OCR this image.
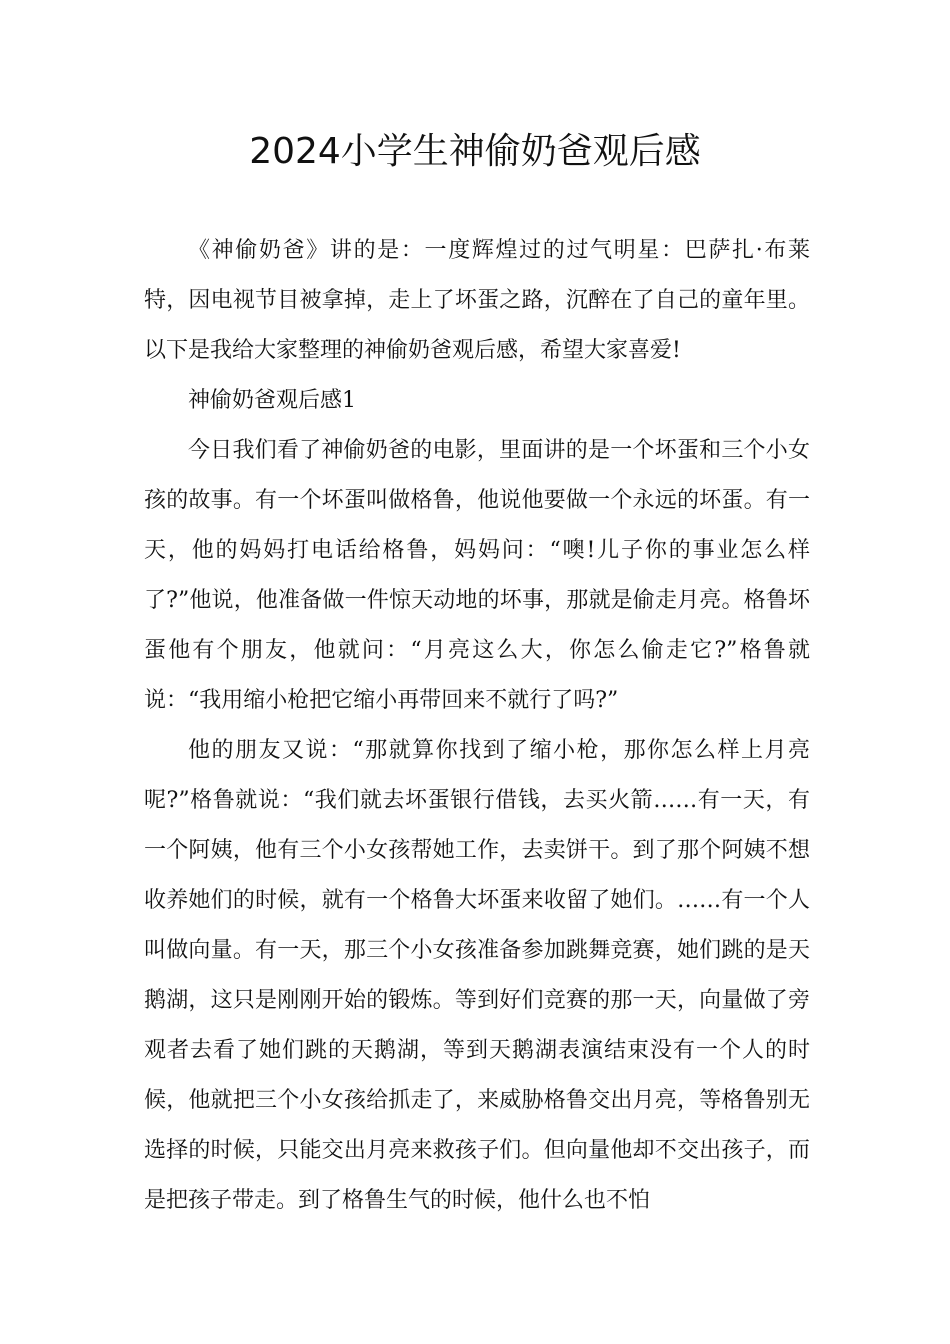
2024小学生神偷奶爸观后感

《神偷奶爸》讲的是：一度辉煌过的过气明星：巴萨扎·布莱特，因电视节目被拿掉，走上了坏蛋之路，沉醉在了自己的童年里。以下是我给大家整理的神偷奶爸观后感，希望大家喜爱!

神偷奶爸观后感1

今日我们看了神偷奶爸的电影，里面讲的是一个坏蛋和三个小女孩的故事。有一个坏蛋叫做格鲁，他说他要做一个永远的坏蛋。有一天，他的妈妈打电话给格鲁，妈妈问：“噢!儿子你的事业怎么样了?”他说，他准备做一件惊天动地的坏事，那就是偷走月亮。格鲁坏蛋他有个朋友，他就问：“月亮这么大，你怎么偷走它?”格鲁就说：“我用缩小枪把它缩小再带回来不就行了吗?”

他的朋友又说：“那就算你找到了缩小枪，那你怎么样上月亮呢?”格鲁就说：“我们就去坏蛋银行借钱，去买火箭……有一天，有一个阿姨，他有三个小女孩帮她工作，去卖饼干。到了那个阿姨不想收养她们的时候，就有一个格鲁大坏蛋来收留了她们。……有一个人叫做向量。有一天，那三个小女孩准备参加跳舞竞赛，她们跳的是天鹅湖，这只是刚刚开始的锻炼。等到好们竞赛的那一天，向量做了旁观者去看了她们跳的天鹅湖，等到天鹅湖表演结束没有一个人的时候，他就把三个小女孩给抓走了，来威胁格鲁交出月亮，等格鲁别无选择的时候，只能交出月亮来救孩子们。但向量他却不交出孩子，而是把孩子带走。到了格鲁生气的时候，他什么也不怕
